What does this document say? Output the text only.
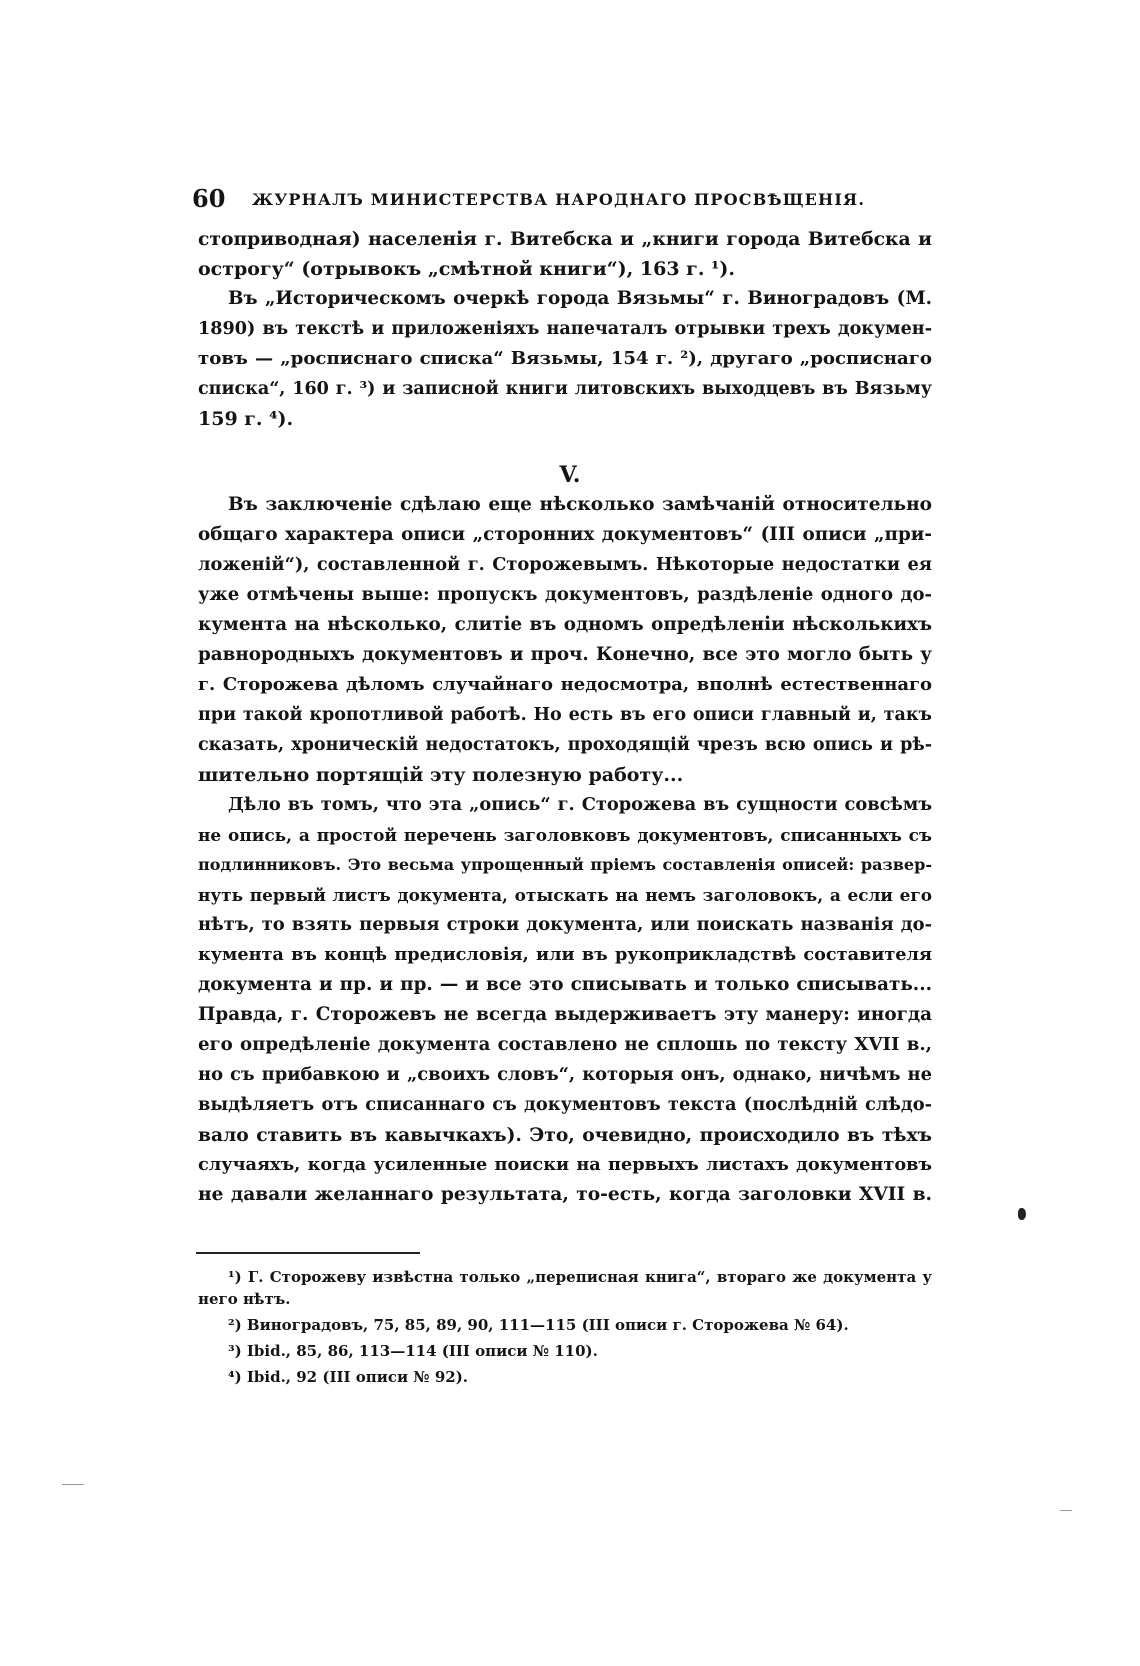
60 ЖУРНАЛЪ МИНИСТЕРСТВА НАРОДНАГО ПРОСВѢЩЕНІЯ.
стоприводная) населенія г. Витебска и „книги города Витебска и
острогу“ (отрывокъ „смѣтной книги“), 163 г. ¹).
Въ „Историческомъ очеркѣ города Вязьмы“ г. Виноградовъ (М.
1890) въ текстѣ и приложеніяхъ напечаталъ отрывки трехъ докумен-
товъ — „росписнаго списка“ Вязьмы, 154 г. ²), другаго „росписнаго
списка“, 160 г. ³) и записной книги литовскихъ выходцевъ въ Вязьму
159 г. ⁴).
V.
Въ заключеніе сдѣлаю еще нѣсколько замѣчаній относительно
общаго характера описи „сторонних документовъ“ (III описи „при-
ложеній“), составленной г. Сторожевымъ. Нѣкоторые недостатки ея
уже отмѣчены выше: пропускъ документовъ, раздѣленіе одного до-
кумента на нѣсколько, слитіе въ одномъ опредѣленіи нѣсколькихъ
равнородныхъ документовъ и проч. Конечно, все это могло быть у
г. Сторожева дѣломъ случайнаго недосмотра, вполнѣ естественнаго
при такой кропотливой работѣ. Но есть въ его описи главный и, такъ
сказать, хроническій недостатокъ, проходящій чрезъ всю опись и рѣ-
шительно портящій эту полезную работу...
Дѣло въ томъ, что эта „опись“ г. Сторожева въ сущности совсѣмъ
не опись, а простой перечень заголовковъ документовъ, списанныхъ съ
подлинниковъ. Это весьма упрощенный пріемъ составленія описей: развер-
нуть первый листъ документа, отыскать на немъ заголовокъ, а если его
нѣтъ, то взять первыя строки документа, или поискать названія до-
кумента въ концѣ предисловія, или въ рукоприкладствѣ составителя
документа и пр. и пр. — и все это списывать и только списывать...
Правда, г. Сторожевъ не всегда выдерживаетъ эту манеру: иногда
его опредѣленіе документа составлено не сплошь по тексту XVII в.,
но съ прибавкою и „своихъ словъ“, которыя онъ, однако, ничѣмъ не
выдѣляетъ отъ списаннаго съ документовъ текста (послѣдній слѣдо-
вало ставить въ кавычкахъ). Это, очевидно, происходило въ тѣхъ
случаяхъ, когда усиленные поиски на первыхъ листахъ документовъ
не давали желаннаго результата, то-есть, когда заголовки XVII в.
¹) Г. Сторожеву извѣстна только „переписная книга“, втораго же документа у
него нѣтъ.
²) Виноградовъ, 75, 85, 89, 90, 111—115 (III описи г. Сторожева № 64).
³) Ibid., 85, 86, 113—114 (III описи № 110).
⁴) Ibid., 92 (III описи № 92).
